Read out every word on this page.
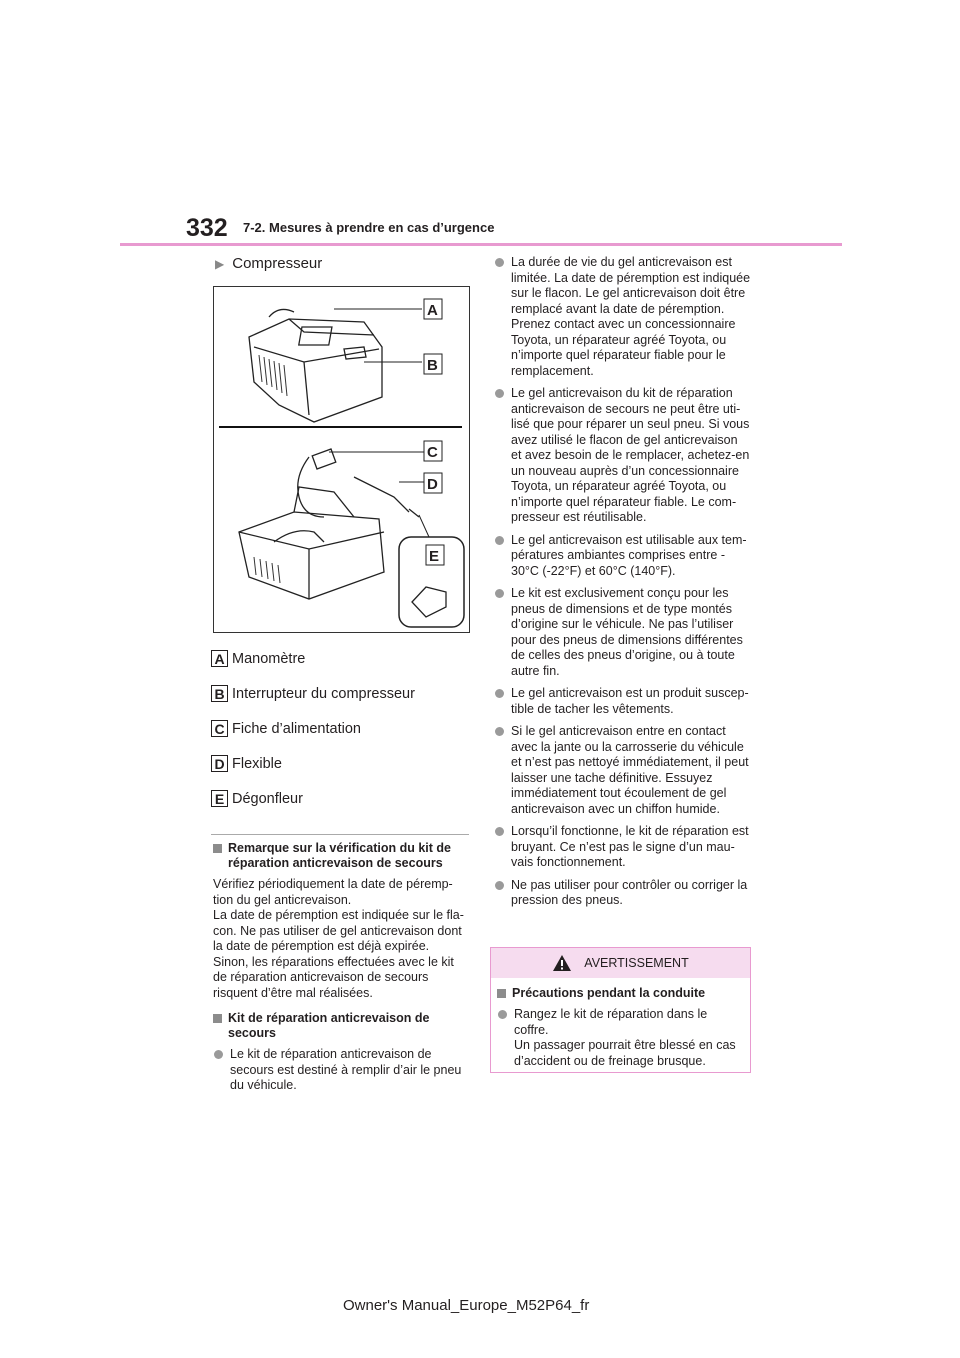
332 7-2. Mesures à prendre en cas d’urgence
▶ Compresseur
A
B
C
D
E
A Manomètre
B Interrupteur du compresseur
C Fiche d’alimentation
D Flexible
E Dégonfleur
Remarque sur la vérification du kit de réparation anticrevaison de secours
Vérifiez périodiquement la date de péremp-
tion du gel anticrevaison.
La date de péremption est indiquée sur le fla-
con. Ne pas utiliser de gel anticrevaison dont
la date de péremption est déjà expirée.
Sinon, les réparations effectuées avec le kit
de réparation anticrevaison de secours
risquent d’être mal réalisées.
Kit de réparation anticrevaison de secours
Le kit de réparation anticrevaison de
secours est destiné à remplir d’air le pneu
du véhicule.
La durée de vie du gel anticrevaison est
limitée. La date de péremption est indiquée
sur le flacon. Le gel anticrevaison doit être
remplacé avant la date de péremption.
Prenez contact avec un concessionnaire
Toyota, un réparateur agréé Toyota, ou
n’importe quel réparateur fiable pour le
remplacement.
Le gel anticrevaison du kit de réparation
anticrevaison de secours ne peut être uti-
lisé que pour réparer un seul pneu. Si vous
avez utilisé le flacon de gel anticrevaison
et avez besoin de le remplacer, achetez-en
un nouveau auprès d’un concessionnaire
Toyota, un réparateur agréé Toyota, ou
n’importe quel réparateur fiable. Le com-
presseur est réutilisable.
Le gel anticrevaison est utilisable aux tem-
pératures ambiantes comprises entre -
30°C (-22°F) et 60°C (140°F).
Le kit est exclusivement conçu pour les
pneus de dimensions et de type montés
d’origine sur le véhicule. Ne pas l’utiliser
pour des pneus de dimensions différentes
de celles des pneus d’origine, ou à toute
autre fin.
Le gel anticrevaison est un produit suscep-
tible de tacher les vêtements.
Si le gel anticrevaison entre en contact
avec la jante ou la carrosserie du véhicule
et n’est pas nettoyé immédiatement, il peut
laisser une tache définitive. Essuyez
immédiatement tout écoulement de gel
anticrevaison avec un chiffon humide.
Lorsqu’il fonctionne, le kit de réparation est
bruyant. Ce n’est pas le signe d’un mau-
vais fonctionnement.
Ne pas utiliser pour contrôler ou corriger la
pression des pneus.
AVERTISSEMENT
Précautions pendant la conduite
Rangez le kit de réparation dans le
coffre.
Un passager pourrait être blessé en cas
d’accident ou de freinage brusque.
Owner's Manual_Europe_M52P64_fr
